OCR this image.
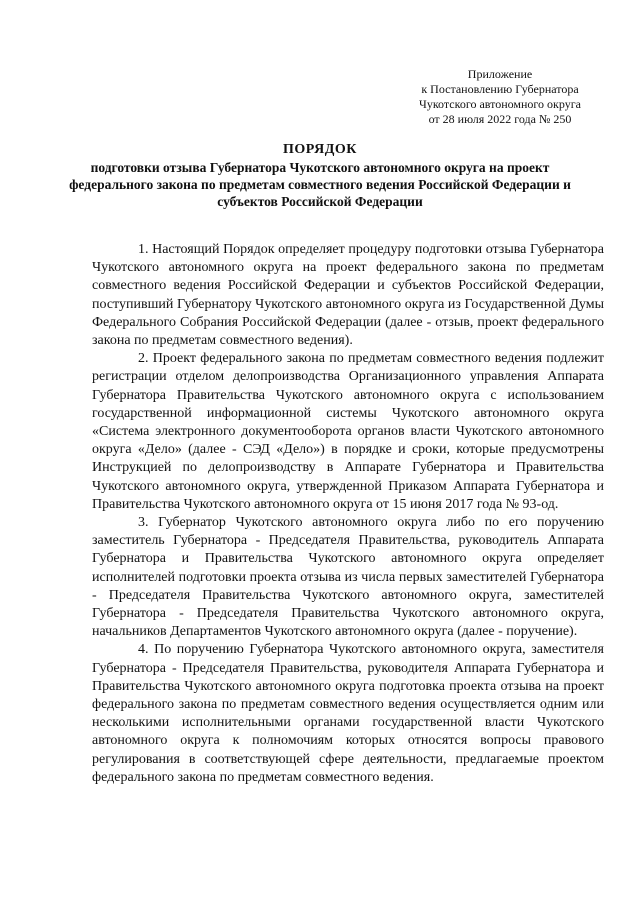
Приложение
к Постановлению Губернатора
Чукотского автономного округа
от 28 июля 2022 года № 250
ПОРЯДОК
подготовки отзыва Губернатора Чукотского автономного округа на проект федерального закона по предметам совместного ведения Российской Федерации и субъектов Российской Федерации

1. Настоящий Порядок определяет процедуру подготовки отзыва Губернатора Чукотского автономного округа на проект федерального закона по предметам совместного ведения Российской Федерации и субъектов Российской Федерации, поступивший Губернатору Чукотского автономного округа из Государственной Думы Федерального Собрания Российской Федерации (далее - отзыв, проект федерального закона по предметам совместного ведения).

2. Проект федерального закона по предметам совместного ведения подлежит регистрации отделом делопроизводства Организационного управления Аппарата Губернатора Правительства Чукотского автономного округа с использованием государственной информационной системы Чукотского автономного округа «Система электронного документооборота органов власти Чукотского автономного округа «Дело» (далее - СЭД «Дело») в порядке и сроки, которые предусмотрены Инструкцией по делопроизводству в Аппарате Губернатора и Правительства Чукотского автономного округа, утвержденной Приказом Аппарата Губернатора и Правительства Чукотского автономного округа от 15 июня 2017 года № 93-од.

3. Губернатор Чукотского автономного округа либо по его поручению заместитель Губернатора - Председателя Правительства, руководитель Аппарата Губернатора и Правительства Чукотского автономного округа определяет исполнителей подготовки проекта отзыва из числа первых заместителей Губернатора - Председателя Правительства Чукотского автономного округа, заместителей Губернатора - Председателя Правительства Чукотского автономного округа, начальников Департаментов Чукотского автономного округа (далее - поручение).

4. По поручению Губернатора Чукотского автономного округа, заместителя Губернатора - Председателя Правительства, руководителя Аппарата Губернатора и Правительства Чукотского автономного округа подготовка проекта отзыва на проект федерального закона по предметам совместного ведения осуществляется одним или несколькими исполнительными органами государственной власти Чукотского автономного округа к полномочиям которых относятся вопросы правового регулирования в соответствующей сфере деятельности, предлагаемые проектом федерального закона по предметам совместного ведения.
